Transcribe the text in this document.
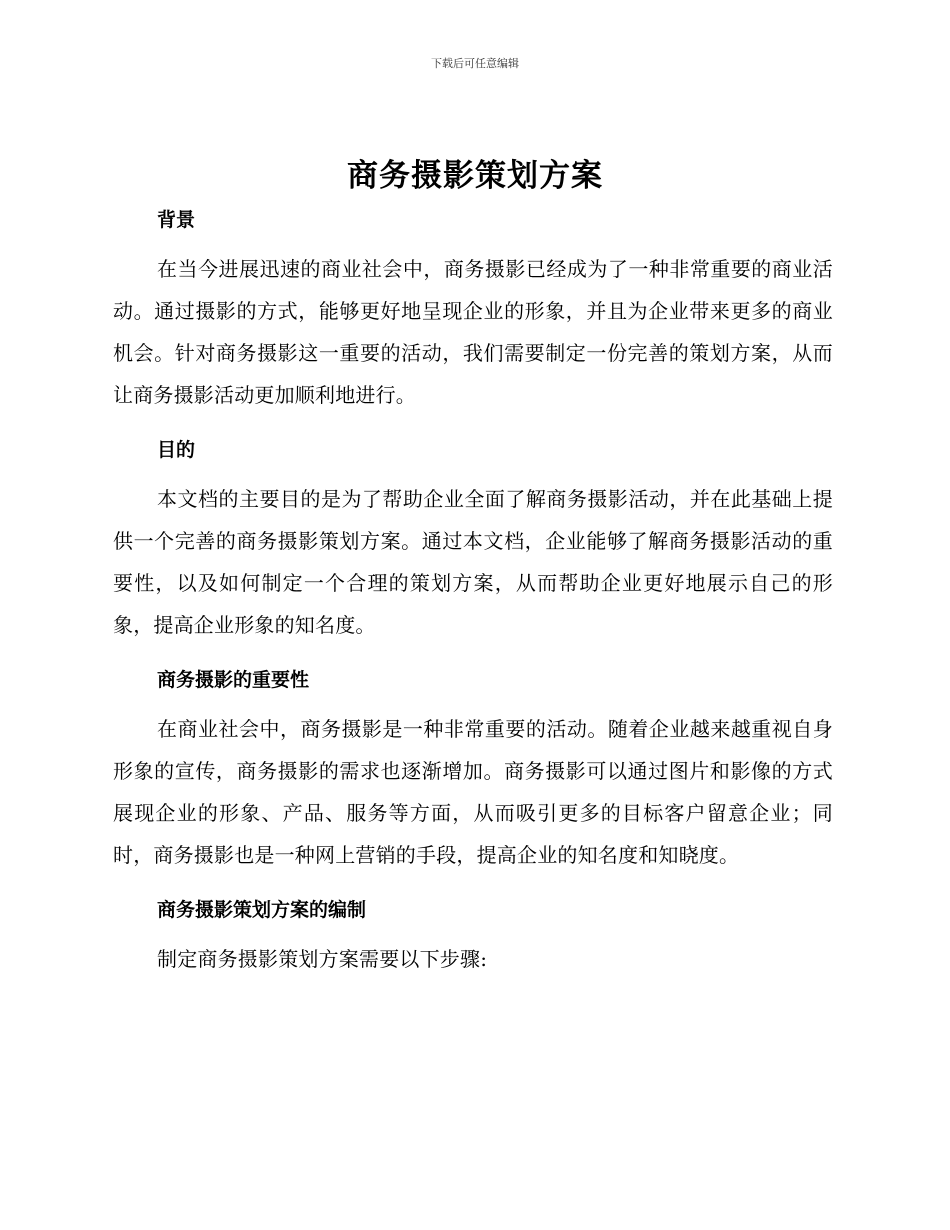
下载后可任意编辑
商务摄影策划方案
背景

在当今进展迅速的商业社会中，商务摄影已经成为了一种非常重要的商业活动。通过摄影的方式，能够更好地呈现企业的形象，并且为企业带来更多的商业机会。针对商务摄影这一重要的活动，我们需要制定一份完善的策划方案，从而让商务摄影活动更加顺利地进行。

目的

本文档的主要目的是为了帮助企业全面了解商务摄影活动，并在此基础上提供一个完善的商务摄影策划方案。通过本文档，企业能够了解商务摄影活动的重要性，以及如何制定一个合理的策划方案，从而帮助企业更好地展示自己的形象，提高企业形象的知名度。

商务摄影的重要性

在商业社会中，商务摄影是一种非常重要的活动。随着企业越来越重视自身形象的宣传，商务摄影的需求也逐渐增加。商务摄影可以通过图片和影像的方式展现企业的形象、产品、服务等方面，从而吸引更多的目标客户留意企业；同时，商务摄影也是一种网上营销的手段，提高企业的知名度和知晓度。

商务摄影策划方案的编制

制定商务摄影策划方案需要以下步骤:
